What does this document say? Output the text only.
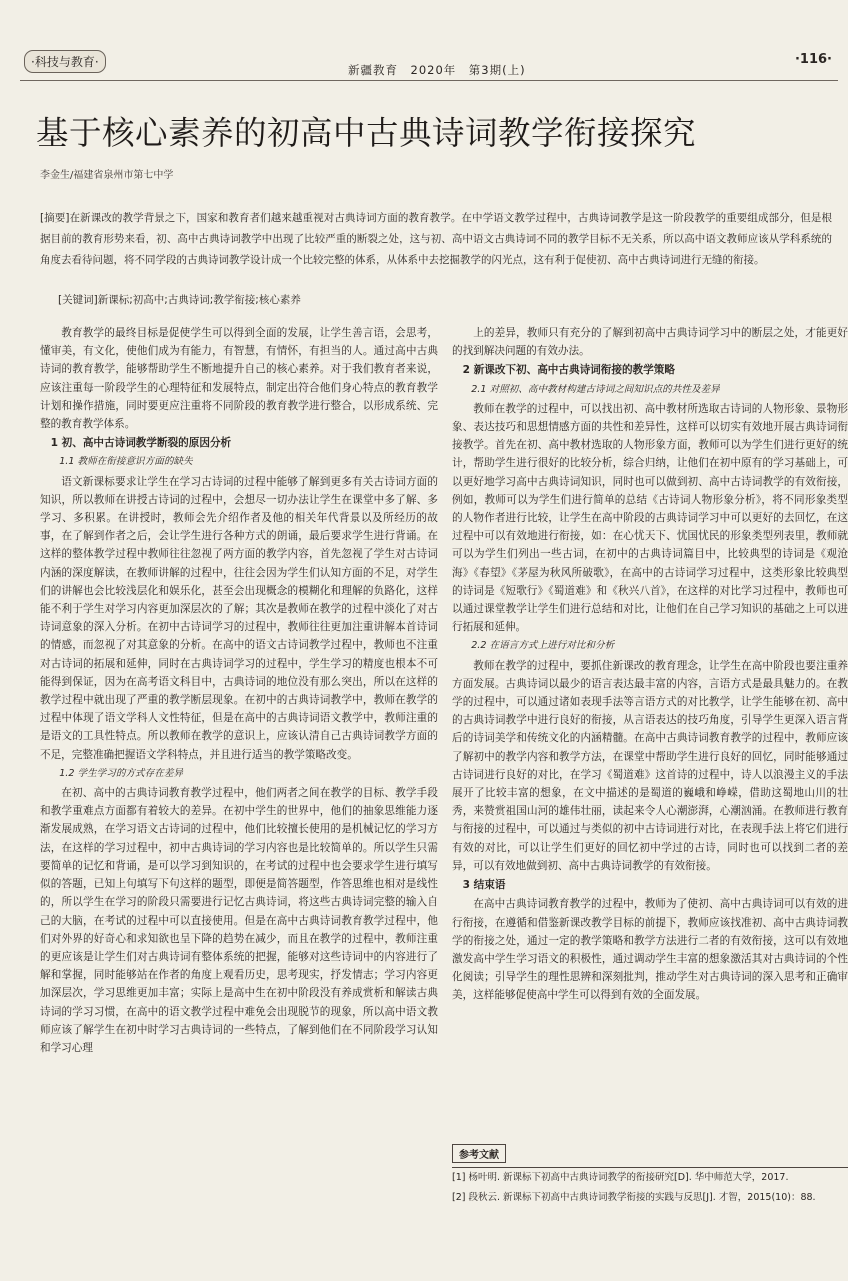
·科技与教育·
新疆教育　2020年　第3期(上)
·116·
基于核心素养的初高中古典诗词教学衔接探究
李金生/福建省泉州市第七中学
[摘要]在新课改的教学背景之下，国家和教育者们越来越重视对古典诗词方面的教育教学。在中学语文教学过程中，古典诗词教学是这一阶段教学的重要组成部分，但是根据目前的教育形势来看，初、高中古典诗词教学中出现了比较严重的断裂之处，这与初、高中语文古典诗词不同的教学目标不无关系，所以高中语文教师应该从学科系统的角度去看待问题，将不同学段的古典诗词教学设计成一个比较完整的体系，从体系中去挖掘教学的闪光点，这有利于促使初、高中古典诗词进行无缝的衔接。
[关键词]新课标;初高中;古典诗词;教学衔接;核心素养

教育教学的最终目标是促使学生可以得到全面的发展，让学生善言语，会思考，懂审美，有文化，使他们成为有能力，有智慧，有情怀，有担当的人。通过高中古典诗词的教育教学，能够帮助学生不断地提升自己的核心素养。对于我们教育者来说，应该注重每一阶段学生的心理特征和发展特点，制定出符合他们身心特点的教育教学计划和操作措施，同时要更应注重将不同阶段的教育教学进行整合，以形成系统、完整的教育教学体系。

1 初、高中古诗词教学断裂的原因分析
1.1 教师在衔接意识方面的缺失

语文新课标要求让学生在学习古诗词的过程中能够了解到更多有关古诗词方面的知识，所以教师在讲授古诗词的过程中，会想尽一切办法让学生在课堂中多了解、多学习、多积累。在讲授时，教师会先介绍作者及他的相关年代背景以及所经历的故事，在了解到作者之后，会让学生进行各种方式的朗诵，最后要求学生进行背诵。在这样的整体教学过程中教师往往忽视了两方面的教学内容，首先忽视了学生对古诗词内涵的深度解读，在教师讲解的过程中，往往会因为学生们认知方面的不足，对学生们的讲解也会比较浅层化和娱乐化，甚至会出现概念的模糊化和理解的负路化，这样能不利于学生对学习内容更加深层次的了解；其次是教师在教学的过程中淡化了对古诗词意象的深入分析。在初中古诗词学习的过程中，教师往往更加注重讲解本首诗词的情感，而忽视了对其意象的分析。在高中的语文古诗词教学过程中，教师也不注重对古诗词的拓展和延伸，同时在古典诗词学习的过程中，学生学习的精度也根本不可能得到保证，因为在高考语文科目中，古典诗词的地位没有那么突出，所以在这样的教学过程中就出现了严重的教学断层现象。在初中的古典诗词教学中，教师在教学的过程中体现了语文学科人文性特征，但是在高中的古典诗词语文教学中，教师注重的是语文的工具性特点。所以教师在教学的意识上，应该认清自己古典诗词教学方面的不足，完整准确把握语文学科特点，并且进行适当的教学策略改变。

1.2 学生学习的方式存在差异

在初、高中的古典诗词教育教学过程中，他们两者之间在教学的目标、教学手段和教学重难点方面都有着较大的差异。在初中学生的世界中，他们的抽象思维能力逐渐发展成熟，在学习语文古诗词的过程中，他们比较擅长使用的是机械记忆的学习方法，在这样的学习过程中，初中古典诗词的学习内容也是比较简单的。所以学生只需要简单的记忆和背诵，是可以学习到知识的，在考试的过程中也会要求学生进行填写似的答题，已知上句填写下句这样的题型，即便是简答题型，作答思维也相对是线性的，所以学生在学习的阶段只需要进行记忆古典诗词，将这些古典诗词完整的输入自己的大脑，在考试的过程中可以直接使用。但是在高中古典诗词教育教学过程中，他们对外界的好奇心和求知欲也呈下降的趋势在减少，而且在教学的过程中，教师注重的更应该是让学生们对古典诗词有整体系统的把握，能够对这些诗词中的内容进行了解和掌握，同时能够站在作者的角度上观看历史，思考现实，抒发情志；学习内容更加深层次，学习思维更加丰富；实际上是高中生在初中阶段没有养成赏析和解读古典诗词的学习习惯，在高中的语文教学过程中难免会出现脱节的现象，所以高中语文教师应该了解学生在初中时学习古典诗词的一些特点，了解到他们在不同阶段学习认知和学习心理

上的差异，教师只有充分的了解到初高中古典诗词学习中的断层之处，才能更好的找到解决问题的有效办法。

2 新课改下初、高中古典诗词衔接的教学策略
2.1 对照初、高中教材构建古诗词之间知识点的共性及差异

教师在教学的过程中，可以找出初、高中教材所选取古诗词的人物形象、景物形象、表达技巧和思想情感方面的共性和差异性，这样可以切实有效地开展古典诗词衔接教学。首先在初、高中教材选取的人物形象方面，教师可以为学生们进行更好的统计，帮助学生进行很好的比较分析，综合归纳，让他们在初中原有的学习基础上，可以更好地学习高中古典诗词知识，同时也可以做到初、高中古诗词教学的有效衔接，例如，教师可以为学生们进行简单的总结《古诗词人物形象分析》，将不同形象类型的人物作者进行比较，让学生在高中阶段的古典诗词学习中可以更好的去回忆，在这过程中可以有效地进行衔接，如：在心忧天下、忧国忧民的形象类型列表里，教师就可以为学生们列出一些古词，在初中的古典诗词篇目中，比较典型的诗词是《观沧海》《春望》《茅屋为秋风所破歌》，在高中的古诗词学习过程中，这类形象比较典型的诗词是《短歌行》《蜀道难》和《秋兴八首》，在这样的对比学习过程中，教师也可以通过课堂教学让学生们进行总结和对比，让他们在自己学习知识的基础之上可以进行拓展和延伸。

2.2 在语言方式上进行对比和分析

教师在教学的过程中，要抓住新课改的教育理念，让学生在高中阶段也要注重养方面发展。古典诗词以最少的语言表达最丰富的内容，言语方式是最具魅力的。在教学的过程中，可以通过诸如表现手法等言语方式的对比教学，让学生能够在初、高中的古典诗词教学中进行良好的衔接，从言语表达的技巧角度，引导学生更深入语言背后的诗词美学和传统文化的内涵精髓。在高中古典诗词教育教学的过程中，教师应该了解初中的教学内容和教学方法，在课堂中帮助学生进行良好的回忆，同时能够通过古诗词进行良好的对比，在学习《蜀道难》这首诗的过程中，诗人以浪漫主义的手法展开了比较丰富的想象，在文中描述的是蜀道的巍峨和峥嵘，借助这蜀地山川的壮秀，来赞赏祖国山河的雄伟壮丽，读起来令人心潮澎湃，心潮汹涌。在教师进行教育与衔接的过程中，可以通过与类似的初中古诗词进行对比，在表现手法上将它们进行有效的对比，可以让学生们更好的回忆初中学过的古诗，同时也可以找到二者的差异，可以有效地做到初、高中古典诗词教学的有效衔接。

3 结束语

在高中古典诗词教育教学的过程中，教师为了使初、高中古典诗词可以有效的进行衔接，在遵循和借鉴新课改教学目标的前提下，教师应该找准初、高中古典诗词教学的衔接之处，通过一定的教学策略和教学方法进行二者的有效衔接，这可以有效地激发高中学生学习语文的积极性，通过调动学生丰富的想象激活其对古典诗词的个性化阅读；引导学生的理性思辨和深刻批判，推动学生对古典诗词的深入思考和正确审美，这样能够促使高中学生可以得到有效的全面发展。

参考文献
[1] 杨叶明. 新课标下初高中古典诗词教学的衔接研究[D]. 华中师范大学，2017.
[2] 段秋云. 新课标下初高中古典诗词教学衔接的实践与反思[J]. 才智，2015(10)：88.
